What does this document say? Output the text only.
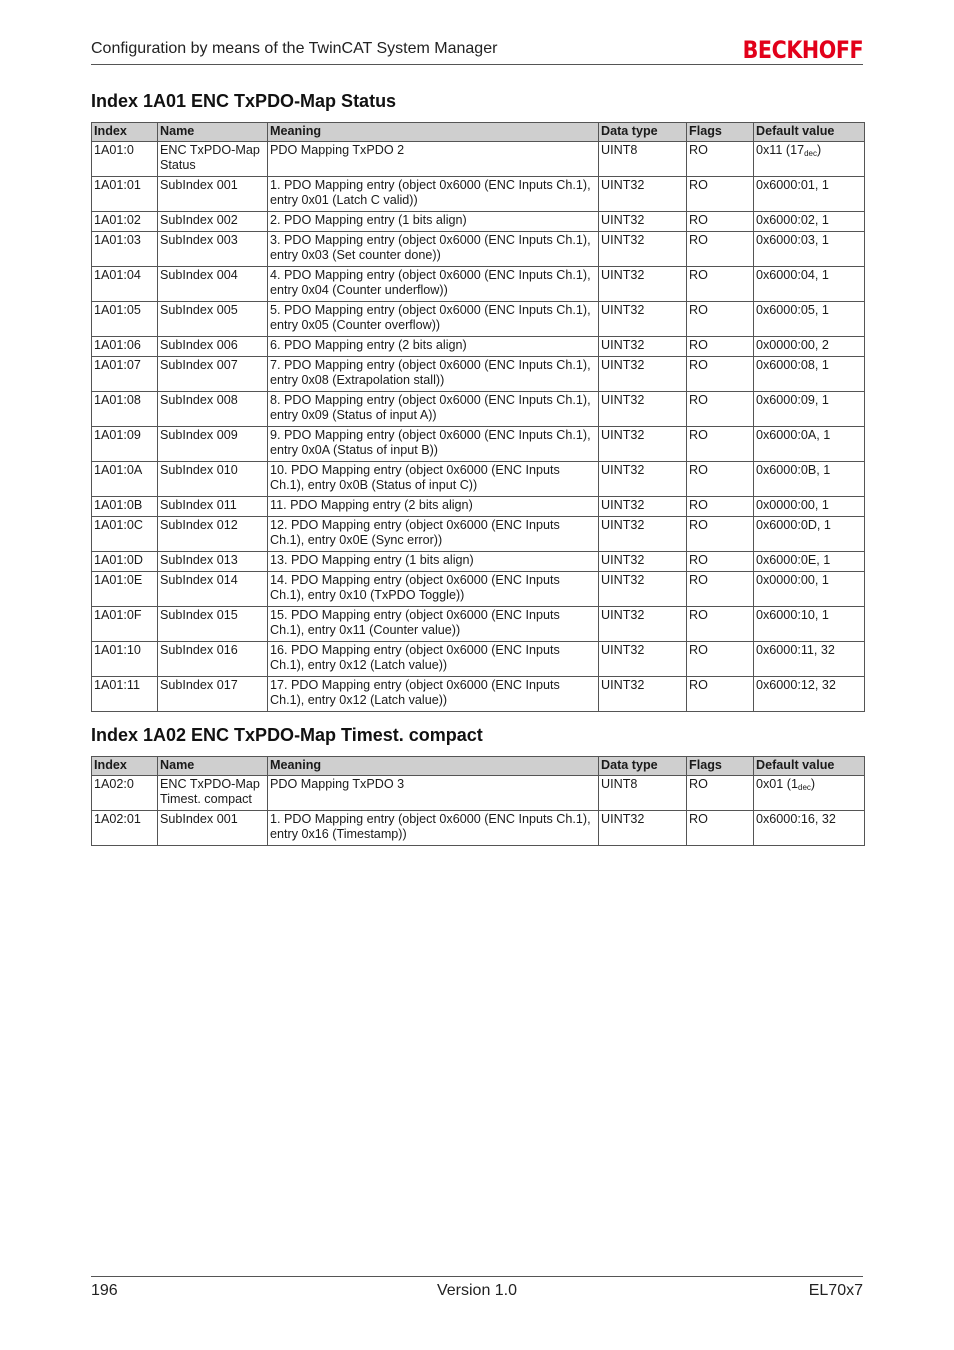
Configuration by means of the TwinCAT System Manager	BECKHOFF
Index 1A01 ENC TxPDO-Map Status
Index	Name	Meaning	Data type	Flags	Default value
1A01:0	ENC TxPDO-Map Status	PDO Mapping TxPDO 2	UINT8	RO	0x11 $(17_{dec})$
1A01:01	SubIndex 001	1. PDO Mapping entry (object 0x6000 (ENC Inputs Ch.1), entry 0x01 (Latch C valid))	UINT32	RO	0x6000:01, 1
1A01:02	SubIndex 002	2. PDO Mapping entry (1 bits align)	UINT32	RO	0x6000:02, 1
1A01:03	SubIndex 003	3. PDO Mapping entry (object 0x6000 (ENC Inputs Ch.1), entry 0x03 (Set counter done))	UINT32	RO	0x6000:03, 1
1A01:04	SubIndex 004	4. PDO Mapping entry (object 0x6000 (ENC Inputs Ch.1), entry 0x04 (Counter underflow))	UINT32	RO	0x6000:04, 1
1A01:05	SubIndex 005	5. PDO Mapping entry (object 0x6000 (ENC Inputs Ch.1), entry 0x05 (Counter overflow))	UINT32	RO	0x6000:05, 1
1A01:06	SubIndex 006	6. PDO Mapping entry (2 bits align)	UINT32	RO	0x0000:00, 2
1A01:07	SubIndex 007	7. PDO Mapping entry (object 0x6000 (ENC Inputs Ch.1), entry 0x08 (Extrapolation stall))	UINT32	RO	0x6000:08, 1
1A01:08	SubIndex 008	8. PDO Mapping entry (object 0x6000 (ENC Inputs Ch.1), entry 0x09 (Status of input A))	UINT32	RO	0x6000:09, 1
1A01:09	SubIndex 009	9. PDO Mapping entry (object 0x6000 (ENC Inputs Ch.1), entry 0x0A (Status of input B))	UINT32	RO	0x6000:0A, 1
1A01:0A	SubIndex 010	10. PDO Mapping entry (object 0x6000 (ENC Inputs Ch.1), entry 0x0B (Status of input C))	UINT32	RO	0x6000:0B, 1
1A01:0B	SubIndex 011	11. PDO Mapping entry (2 bits align)	UINT32	RO	0x0000:00, 1
1A01:0C	SubIndex 012	12. PDO Mapping entry (object 0x6000 (ENC Inputs Ch.1), entry 0x0E (Sync error))	UINT32	RO	0x6000:0D, 1
1A01:0D	SubIndex 013	13. PDO Mapping entry (1 bits align)	UINT32	RO	0x6000:0E, 1
1A01:0E	SubIndex 014	14. PDO Mapping entry (object 0x6000 (ENC Inputs Ch.1), entry 0x10 (TxPDO Toggle))	UINT32	RO	0x0000:00, 1
1A01:0F	SubIndex 015	15. PDO Mapping entry (object 0x6000 (ENC Inputs Ch.1), entry 0x11 (Counter value))	UINT32	RO	0x6000:10, 1
1A01:10	SubIndex 016	16. PDO Mapping entry (object 0x6000 (ENC Inputs Ch.1), entry 0x12 (Latch value))	UINT32	RO	0x6000:11, 32
1A01:11	SubIndex 017	17. PDO Mapping entry (object 0x6000 (ENC Inputs Ch.1), entry 0x12 (Latch value))	UINT32	RO	0x6000:12, 32
Index 1A02 ENC TxPDO-Map Timest. compact
Index	Name	Meaning	Data type	Flags	Default value
1A02:0	ENC TxPDO-Map Timest. compact	PDO Mapping TxPDO 3	UINT8	RO	0x01 $(1_{dec})$
1A02:01	SubIndex 001	1. PDO Mapping entry (object 0x6000 (ENC Inputs Ch.1), entry 0x16 (Timestamp))	UINT32	RO	0x6000:16, 32
196	Version 1.0	EL70x7
